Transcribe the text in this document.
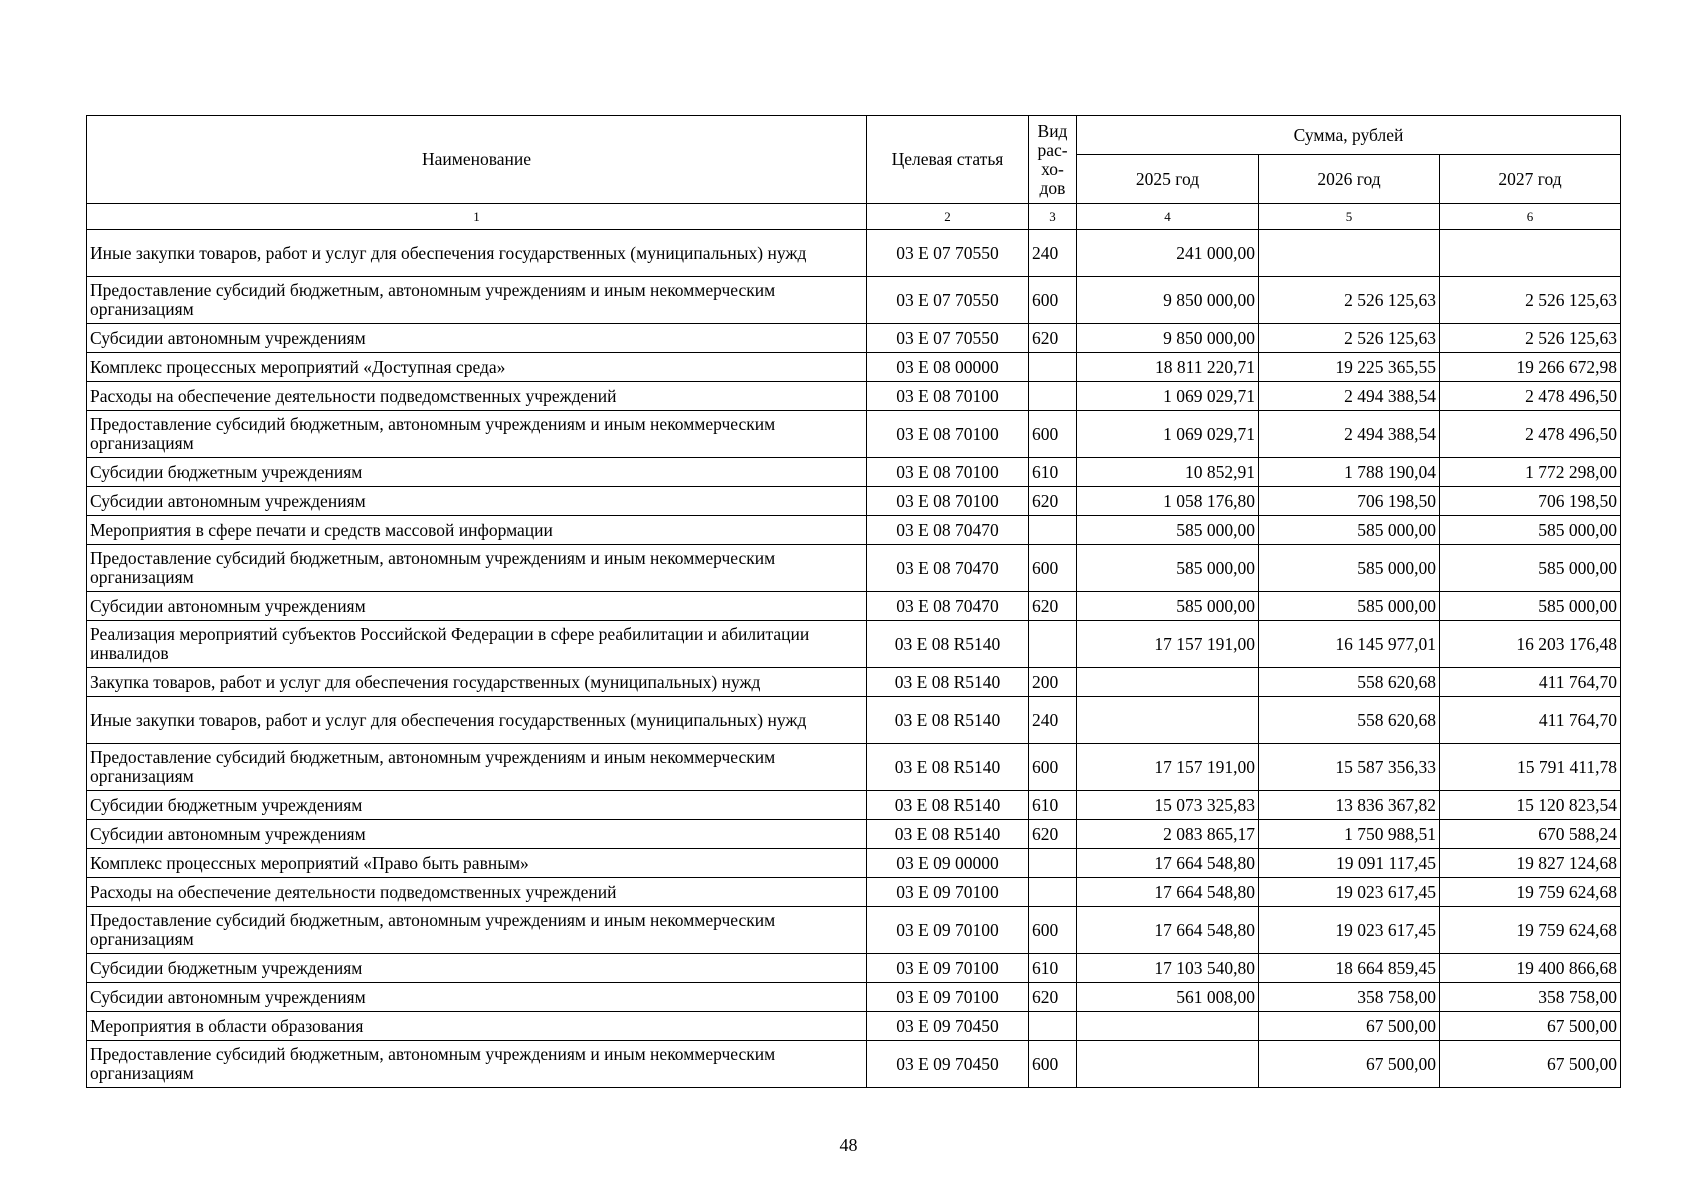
Наименование	Целевая статья	Вид рас-хо-дов	Сумма, рублей		
			2025 год	2026 год	2027 год
1	2	3	4	5	6
Иные закупки товаров, работ и услуг для обеспечения государственных (муниципальных) нужд	03 Е 07 70550	240	241 000,00		
Предоставление субсидий бюджетным, автономным учреждениям и иным некоммерческим организациям	03 Е 07 70550	600	9 850 000,00	2 526 125,63	2 526 125,63
Субсидии автономным учреждениям	03 Е 07 70550	620	9 850 000,00	2 526 125,63	2 526 125,63
Комплекс процессных мероприятий «Доступная среда»	03 Е 08 00000		18 811 220,71	19 225 365,55	19 266 672,98
Расходы на обеспечение деятельности подведомственных учреждений	03 Е 08 70100		1 069 029,71	2 494 388,54	2 478 496,50
Предоставление субсидий бюджетным, автономным учреждениям и иным некоммерческим организациям	03 Е 08 70100	600	1 069 029,71	2 494 388,54	2 478 496,50
Субсидии бюджетным учреждениям	03 Е 08 70100	610	10 852,91	1 788 190,04	1 772 298,00
Субсидии автономным учреждениям	03 Е 08 70100	620	1 058 176,80	706 198,50	706 198,50
Мероприятия в сфере печати и средств массовой информации	03 Е 08 70470		585 000,00	585 000,00	585 000,00
Предоставление субсидий бюджетным, автономным учреждениям и иным некоммерческим организациям	03 Е 08 70470	600	585 000,00	585 000,00	585 000,00
Субсидии автономным учреждениям	03 Е 08 70470	620	585 000,00	585 000,00	585 000,00
Реализация мероприятий субъектов Российской Федерации в сфере реабилитации и абилитации инвалидов	03 Е 08 R5140		17 157 191,00	16 145 977,01	16 203 176,48
Закупка товаров, работ и услуг для обеспечения государственных (муниципальных) нужд	03 Е 08 R5140	200		558 620,68	411 764,70
Иные закупки товаров, работ и услуг для обеспечения государственных (муниципальных) нужд	03 Е 08 R5140	240		558 620,68	411 764,70
Предоставление субсидий бюджетным, автономным учреждениям и иным некоммерческим организациям	03 Е 08 R5140	600	17 157 191,00	15 587 356,33	15 791 411,78
Субсидии бюджетным учреждениям	03 Е 08 R5140	610	15 073 325,83	13 836 367,82	15 120 823,54
Субсидии автономным учреждениям	03 Е 08 R5140	620	2 083 865,17	1 750 988,51	670 588,24
Комплекс процессных мероприятий «Право быть равным»	03 Е 09 00000		17 664 548,80	19 091 117,45	19 827 124,68
Расходы на обеспечение деятельности подведомственных учреждений	03 Е 09 70100		17 664 548,80	19 023 617,45	19 759 624,68
Предоставление субсидий бюджетным, автономным учреждениям и иным некоммерческим организациям	03 Е 09 70100	600	17 664 548,80	19 023 617,45	19 759 624,68
Субсидии бюджетным учреждениям	03 Е 09 70100	610	17 103 540,80	18 664 859,45	19 400 866,68
Субсидии автономным учреждениям	03 Е 09 70100	620	561 008,00	358 758,00	358 758,00
Мероприятия в области образования	03 Е 09 70450			67 500,00	67 500,00
Предоставление субсидий бюджетным, автономным учреждениям и иным некоммерческим организациям	03 Е 09 70450	600		67 500,00	67 500,00
48
